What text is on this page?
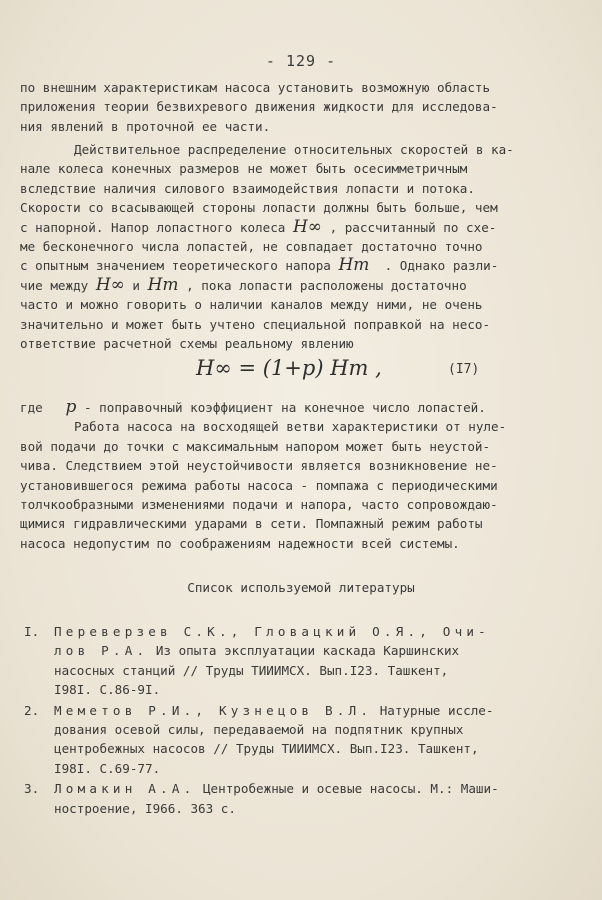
- 129 -

по внешним характеристикам насоса установить возможную область
приложения теории безвихревого движения жидкости для исследова-
ния явлений в проточной ее части.

Действительное распределение относительных скоростей в ка-
нале колеса конечных размеров не может быть осесимметричным
вследствие наличия силового взаимодействия лопасти и потока.
Скорости со всасывающей стороны лопасти должны быть больше, чем
с напорной. Напор лопастного колеса H∞ , рассчитанный по схе-
ме бесконечного числа лопастей, не совпадает достаточно точно
с опытным значением теоретического напора Hm . Однако разли-
чие между H∞ и Hm , пока лопасти расположены достаточно
часто и можно говорить о наличии каналов между ними, не очень
значительно и может быть учтено специальной поправкой на несо-
ответствие расчетной схемы реальному явлению

H∞ = (1+p) Hm ,	(I7)

где   p - поправочный коэффициент на конечное число лопастей.
Работа насоса на восходящей ветви характеристики от нуле-
вой подачи до точки с максимальным напором может быть неустой-
чива. Следствием этой неустойчивости является возникновение не-
установившегося режима работы насоса - помпажа с периодическими
толчкообразными изменениями подачи и напора, часто сопровождаю-
щимися гидравлическими ударами в сети. Помпажный режим работы
насоса недопустим по соображениям надежности всей системы.

Список используемой литературы
I. Переверзев С.К., Гловацкий О.Я., Очи-
лов Р.А. Из опыта эксплуатации каскада Каршинских
насосных станций // Труды ТИИИМСХ. Вып.I23. Ташкент,
I98I. С.86-9I.
2. Меметов Р.И., Кузнецов В.Л. Натурные иссле-
дования осевой силы, передаваемой на подпятник крупных
центробежных насосов // Труды ТИИИМСХ. Вып.I23. Ташкент,
I98I. С.69-77.
3. Ломакин А.А. Центробежные и осевые насосы. М.: Маши-
ностроение, I966. 363 с.
